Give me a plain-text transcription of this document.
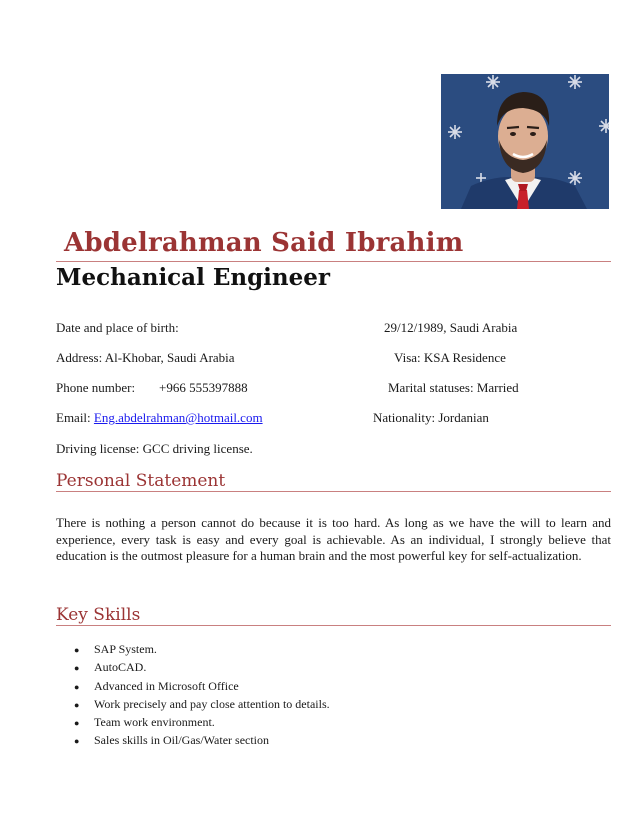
Abdelrahman Said Ibrahim
Mechanical Engineer
Date and place of birth:	29/12/1989, Saudi Arabia
Address: Al-Khobar, Saudi Arabia	Visa: KSA Residence
Phone number: +966 555397888	Marital statuses: Married
Email: Eng.abdelrahman@hotmail.com	Nationality: Jordanian
Driving license: GCC driving license.
Personal Statement
There is nothing a person cannot do because it is too hard. As long as we have the will to learn and experience, every task is easy and every goal is achievable. As an individual, I strongly believe that education is the outmost pleasure for a human brain and the most powerful key for self-actualization.
Key Skills
● SAP System.
● AutoCAD.
● Advanced in Microsoft Office
● Work precisely and pay close attention to details.
● Team work environment.
● Sales skills in Oil/Gas/Water section
